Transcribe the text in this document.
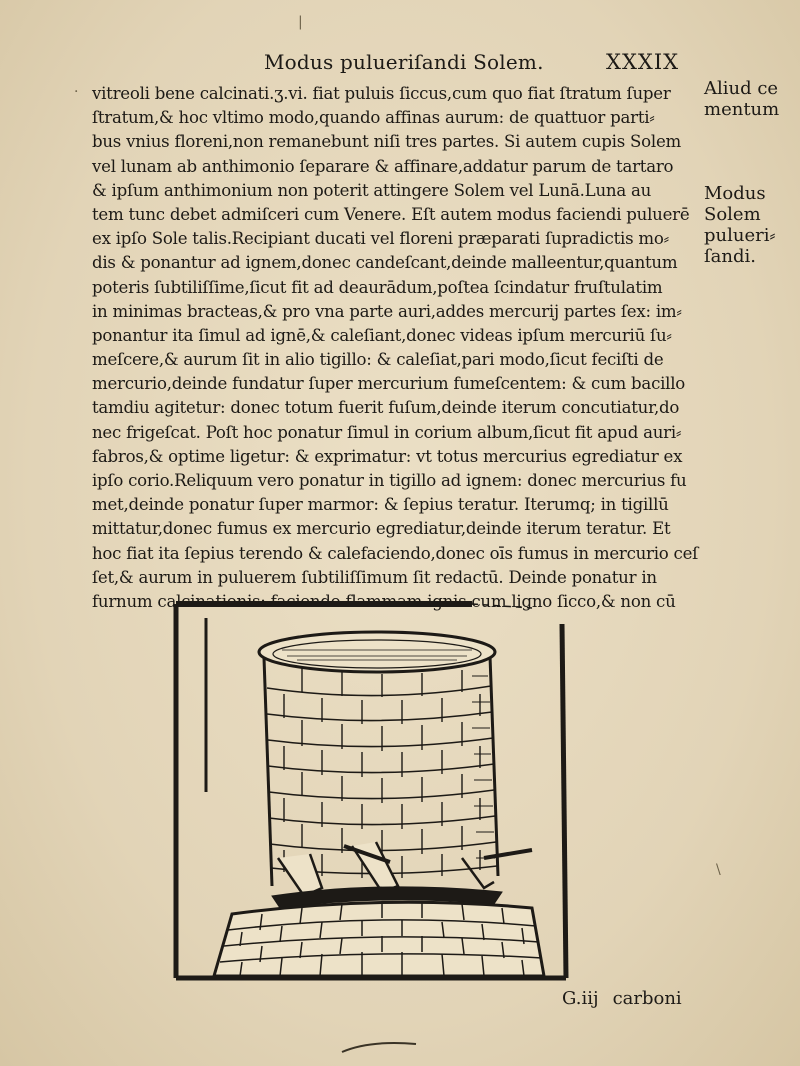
Modus pulueriſandi Solem.	XXXIX
vitreoli bene calcinati.ʒ.vi. fiat puluis ſiccus,cum quo fiat ſtratum ſuper
ſtratum,& hoc vltimo modo,quando affinas aurum: de quattuor parti⸗
bus vnius floreni,non remanebunt niſi tres partes. Si autem cupis Solem
vel lunam ab anthimonio ſeparare & affinare,addatur parum de tartaro
& ipſum anthimonium non poterit attingere Solem vel Lunā.Luna au
tem tunc debet admiſceri cum Venere. Eſt autem modus faciendi puluerē
ex ipſo Sole talis.Recipiant ducati vel floreni præparati ſupradictis mo⸗
dis & ponantur ad ignem,donec candeſcant,deinde malleentur,quantum
poteris ſubtiliſſime,ſicut fit ad deaurādum,poſtea ſcindatur fruſtulatim
in minimas bracteas,& pro vna parte auri,addes mercurij partes ſex: im⸗
ponantur ita ſimul ad ignē,& caleſiant,donec videas ipſum mercuriū ſu⸗
meſcere,& aurum ſit in alio tigillo: & caleſiat,pari modo,ſicut feciſti de
mercurio,deinde fundatur ſuper mercurium fumeſcentem: & cum bacillo
tamdiu agitetur: donec totum fuerit fuſum,deinde iterum concutiatur,do
nec frigeſcat. Poſt hoc ponatur ſimul in corium album,ſicut fit apud auri⸗
fabros,& optime ligetur: & exprimatur: vt totus mercurius egrediatur ex
ipſo corio.Reliquum vero ponatur in tigillo ad ignem: donec mercurius fu
met,deinde ponatur ſuper marmor: & ſepius teratur. Iterumq; in tigillū
mittatur,donec fumus ex mercurio egrediatur,deinde iterum teratur. Et
hoc fiat ita ſepius terendo & calefaciendo,donec oīs fumus in mercurio ceſ
ſet,& aurum in puluerem ſubtiliſſimum ſit redactū. Deinde ponatur in
furnum calcinationis: faciendo flammam ignis cum ligno ſicco,& non cū
Aliud ce mentum
Modus Solem pulueri⸗ ſandi.
|
·
\
G.iij carboni
